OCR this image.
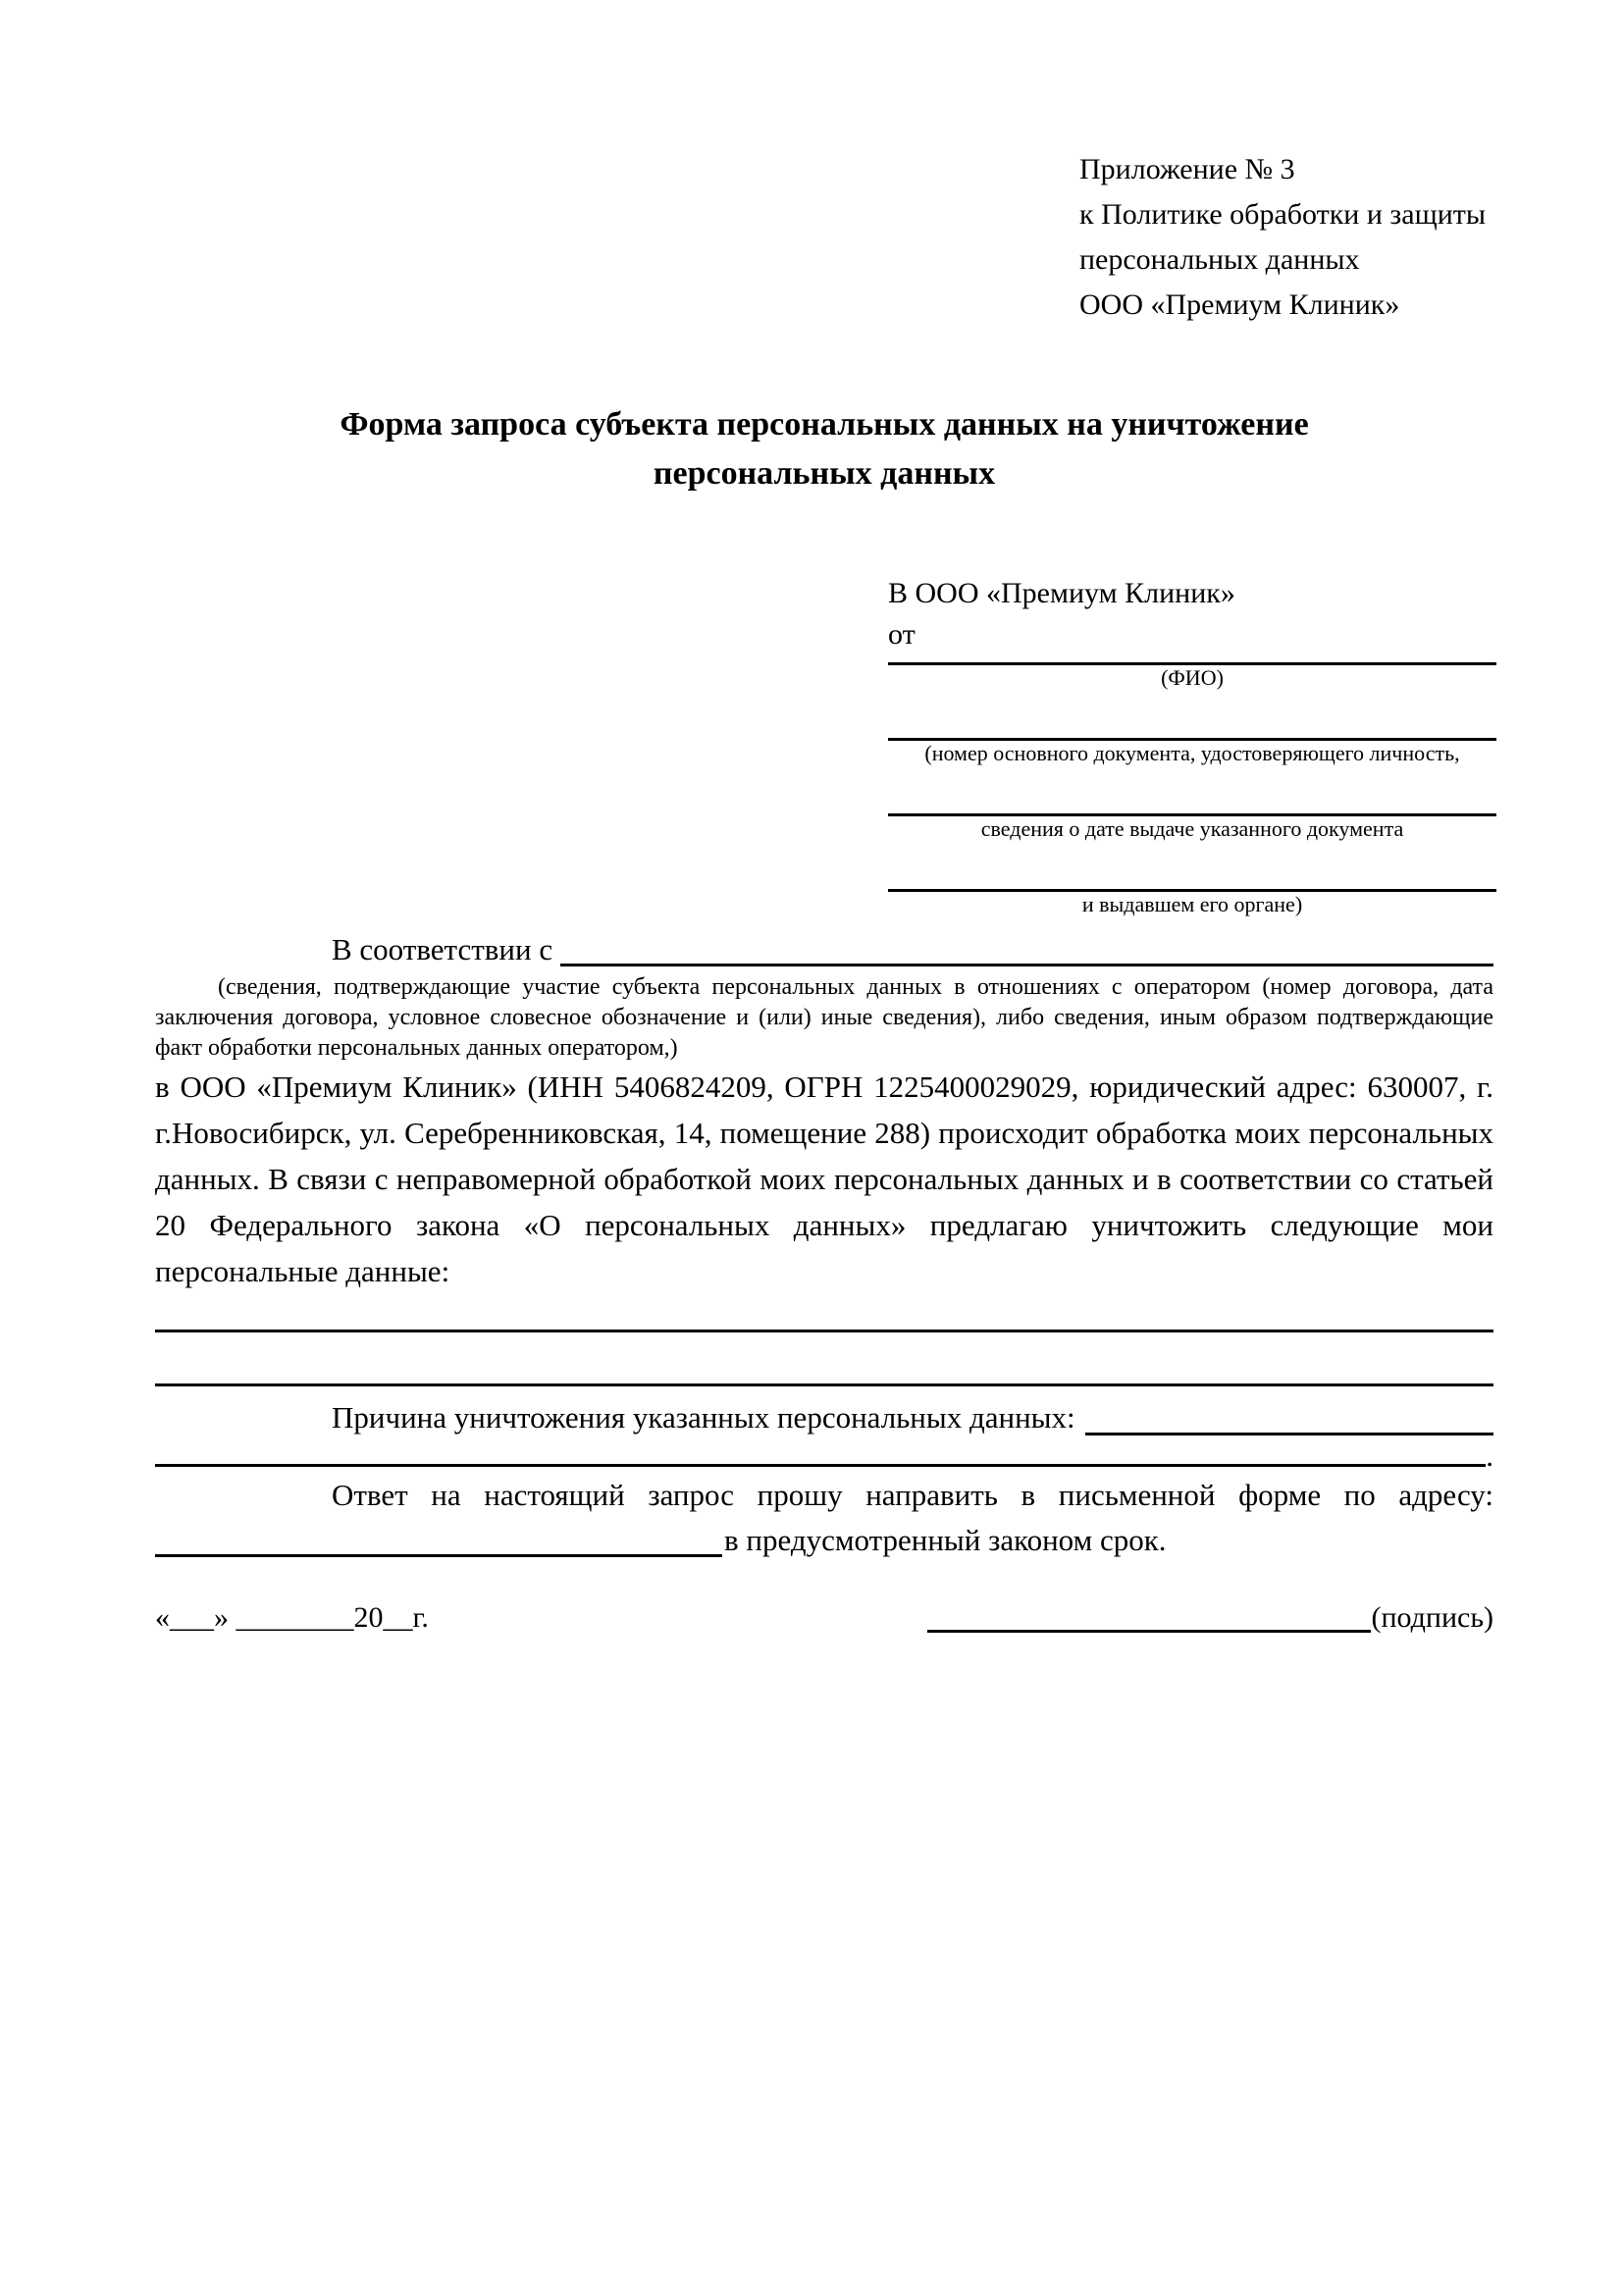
Приложение № 3
к Политике обработки и защиты
персональных данных
ООО «Премиум Клиник»
Форма запроса субъекта персональных данных на уничтожение персональных данных
В ООО «Премиум Клиник»
от
(ФИО)
(номер основного документа, удостоверяющего личность,
сведения о дате выдаче указанного документа
и выдавшем его органе)
В соответствии с
(сведения, подтверждающие участие субъекта персональных данных в отношениях с оператором (номер договора, дата заключения договора, условное словесное обозначение и (или) иные сведения), либо сведения, иным образом подтверждающие факт обработки персональных данных оператором,)

в ООО «Премиум Клиник» (ИНН 5406824209, ОГРН 1225400029029, юридический адрес: 630007, г. г.Новосибирск, ул. Серебренниковская, 14, помещение 288) происходит обработка моих персональных данных. В связи с неправомерной обработкой моих персональных данных и в соответствии со статьей 20 Федерального закона «О персональных данных» предлагаю уничтожить следующие мои персональные данные:

Причина уничтожения указанных персональных данных:
.
Ответ на настоящий запрос прошу направить в письменной форме по адресу:
в предусмотренный законом срок.
«___» ________20__г.	(подпись)
